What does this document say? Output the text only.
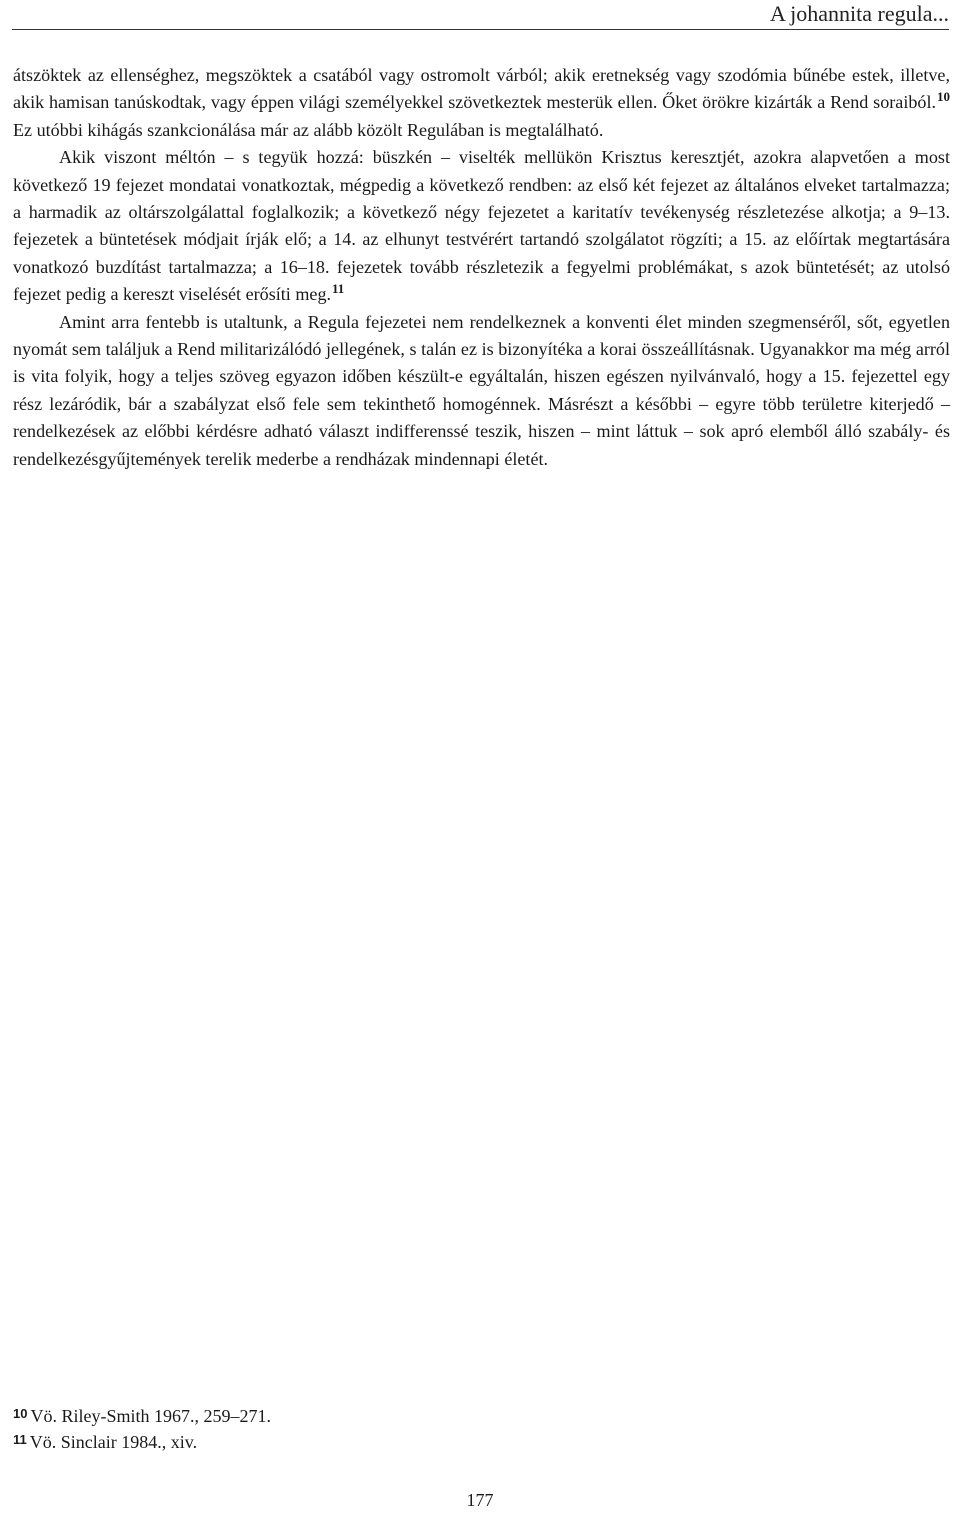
A johannita regula...

átszöktek az ellenséghez, megszöktek a csatából vagy ostromolt várból; akik eretnekség vagy szodómia bűnébe estek, illetve, akik hamisan tanúskodtak, vagy éppen világi személyekkel szövetkeztek mesterük ellen. Őket örökre kizárták a Rend soraiból.$^{10}$ Ez utóbbi kihágás szankcionálása már az alább közölt Regulában is megtalálható.

Akik viszont méltón – s tegyük hozzá: büszkén – viselték mellükön Krisztus keresztjét, azokra alapvetően a most következő 19 fejezet mondatai vonatkoztak, mégpedig a következő rendben: az első két fejezet az általános elveket tartalmazza; a harmadik az oltárszolgálattal foglalkozik; a következő négy fejezetet a karitatív tevékenység részletezése alkotja; a 9–13. fejezetek a büntetések módjait írják elő; a 14. az elhunyt testvérért tartandó szolgálatot rögzíti; a 15. az előírtak megtartására vonatkozó buzdítást tartalmazza; a 16–18. fejezetek tovább részletezik a fegyelmi problémákat, s azok büntetését; az utolsó fejezet pedig a kereszt viselését erősíti meg.$^{11}$

Amint arra fentebb is utaltunk, a Regula fejezetei nem rendelkeznek a konventi élet minden szegmenséről, sőt, egyetlen nyomát sem találjuk a Rend militarizálódó jellegének, s talán ez is bizonyítéka a korai összeállításnak. Ugyanakkor ma még arról is vita folyik, hogy a teljes szöveg egyazon időben készült-e egyáltalán, hiszen egészen nyilvánvaló, hogy a 15. fejezettel egy rész lezáródik, bár a szabályzat első fele sem tekinthető homogénnek. Másrészt a későbbi – egyre több területre kiterjedő – rendelkezések az előbbi kérdésre adható választ indifferenssé teszik, hiszen – mint láttuk – sok apró elemből álló szabály- és rendelkezésgyűjtemények terelik mederbe a rendházak mindennapi életét.

$^{10}$ Vö. Riley-Smith 1967., 259–271.
$^{11}$ Vö. Sinclair 1984., xiv.
177
